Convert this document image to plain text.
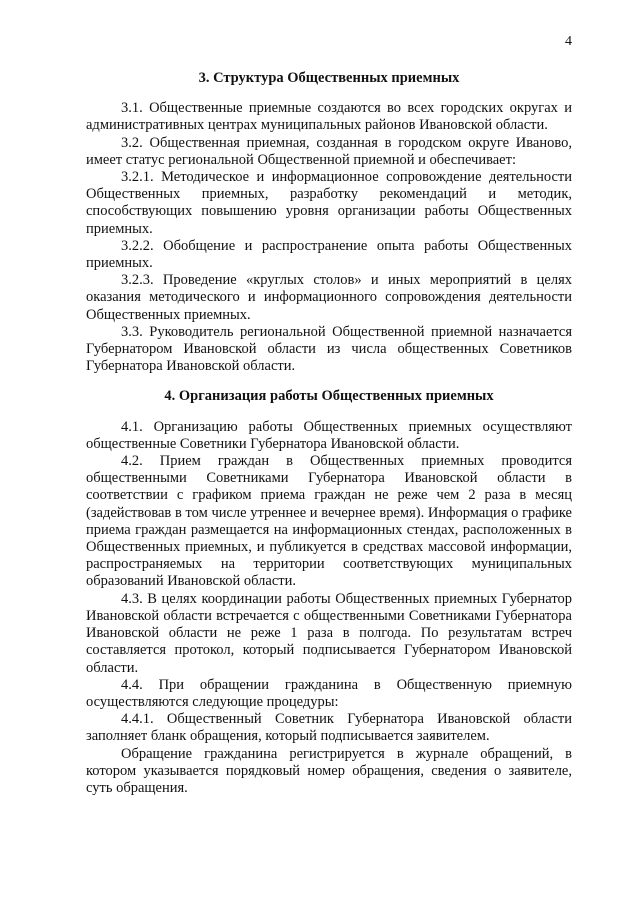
4
3. Структура Общественных приемных

3.1. Общественные приемные создаются во всех городских округах и административных центрах муниципальных районов Ивановской области.

3.2. Общественная приемная, созданная в городском округе Иваново, имеет статус региональной Общественной приемной и обеспечивает:

3.2.1. Методическое и информационное сопровождение деятельности Общественных приемных, разработку рекомендаций и методик, способствующих повышению уровня организации работы Общественных приемных.

3.2.2. Обобщение и распространение опыта работы Общественных приемных.

3.2.3. Проведение «круглых столов» и иных мероприятий в целях оказания методического и информационного сопровождения деятельности Общественных приемных.

3.3. Руководитель региональной Общественной приемной назначается Губернатором Ивановской области из числа общественных Советников Губернатора Ивановской области.

4. Организация работы Общественных приемных

4.1. Организацию работы Общественных приемных осуществляют общественные Советники Губернатора Ивановской области.

4.2. Прием граждан в Общественных приемных проводится общественными Советниками Губернатора Ивановской области в соответствии с графиком приема граждан не реже чем 2 раза в месяц (задействовав в том числе утреннее и вечернее время). Информация о графике приема граждан размещается на информационных стендах, расположенных в Общественных приемных, и публикуется в средствах массовой информации, распространяемых на территории соответствующих муниципальных образований Ивановской области.

4.3. В целях координации работы Общественных приемных Губернатор Ивановской области встречается с общественными Советниками Губернатора Ивановской области не реже 1 раза в полгода. По результатам встреч составляется протокол, который подписывается Губернатором Ивановской области.

4.4. При обращении гражданина в Общественную приемную осуществляются следующие процедуры:

4.4.1. Общественный Советник Губернатора Ивановской области заполняет бланк обращения, который подписывается заявителем.

Обращение гражданина регистрируется в журнале обращений, в котором указывается порядковый номер обращения, сведения о заявителе, суть обращения.
